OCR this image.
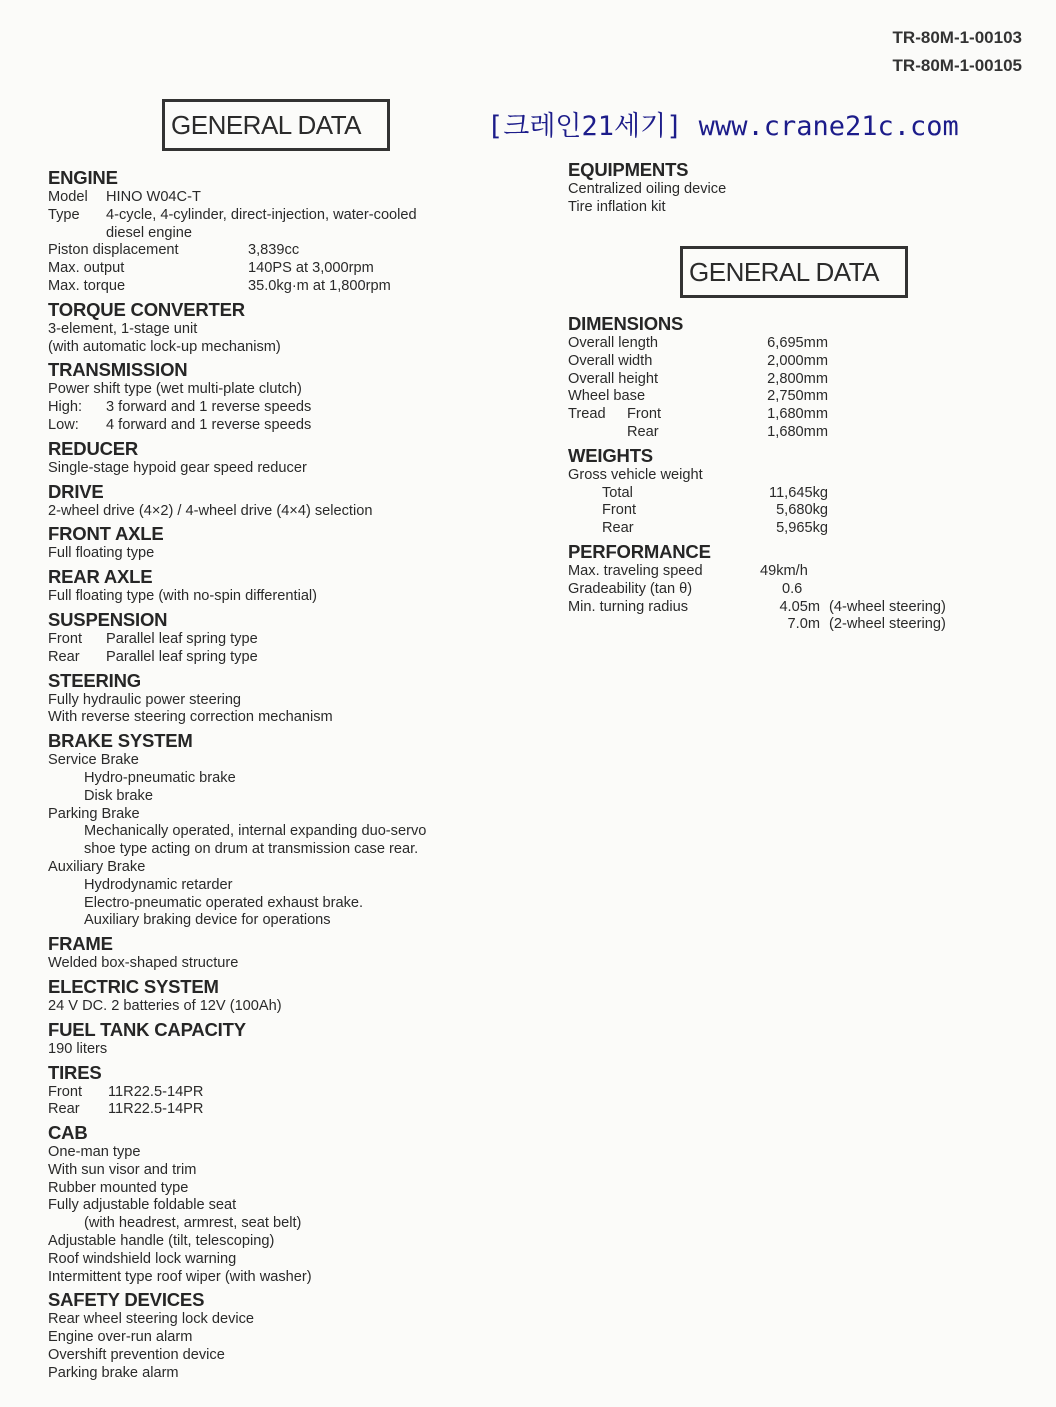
TR-80M-1-00103
TR-80M-1-00105
GENERAL DATA	[크레인21세기] www.crane21c.com
GENERAL DATA
ENGINE
Model	HINO W04C-T
Type	4-cycle, 4-cylinder, direct-injection, water-cooled
diesel engine
Piston displacement	3,839cc
Max. output	140PS at 3,000rpm
Max. torque	35.0kg·m at 1,800rpm
TORQUE CONVERTER
3-element, 1-stage unit
(with automatic lock-up mechanism)
TRANSMISSION
Power shift type (wet multi-plate clutch)
High:	3 forward and 1 reverse speeds
Low:	4 forward and 1 reverse speeds
REDUCER
Single-stage hypoid gear speed reducer
DRIVE
2-wheel drive (4×2) / 4-wheel drive (4×4) selection
FRONT AXLE
Full floating type
REAR AXLE
Full floating type (with no-spin differential)
SUSPENSION
Front	Parallel leaf spring type
Rear	Parallel leaf spring type
STEERING
Fully hydraulic power steering
With reverse steering correction mechanism
BRAKE SYSTEM
Service Brake
Hydro-pneumatic brake
Disk brake
Parking Brake
Mechanically operated, internal expanding duo-servo
shoe type acting on drum at transmission case rear.
Auxiliary Brake
Hydrodynamic retarder
Electro-pneumatic operated exhaust brake.
Auxiliary braking device for operations
FRAME
Welded box-shaped structure
ELECTRIC SYSTEM
24 V DC. 2 batteries of 12V (100Ah)
FUEL TANK CAPACITY
190 liters
TIRES
Front	11R22.5-14PR
Rear	11R22.5-14PR
CAB
One-man type
With sun visor and trim
Rubber mounted type
Fully adjustable foldable seat
(with headrest, armrest, seat belt)
Adjustable handle (tilt, telescoping)
Roof windshield lock warning
Intermittent type roof wiper (with washer)
SAFETY DEVICES
Rear wheel steering lock device
Engine over-run alarm
Overshift prevention device
Parking brake alarm
EQUIPMENTS
Centralized oiling device
Tire inflation kit
DIMENSIONS
Overall length	6,695mm
Overall width	2,000mm
Overall height	2,800mm
Wheel base	2,750mm
Tread	Front	1,680mm
Rear	1,680mm
WEIGHTS
Gross vehicle weight
Total	11,645kg
Front	5,680kg
Rear	5,965kg
PERFORMANCE
Max. traveling speed	49km/h
Gradeability (tan θ)	0.6
Min. turning radius	4.05m (4-wheel steering)
7.0m (2-wheel steering)
